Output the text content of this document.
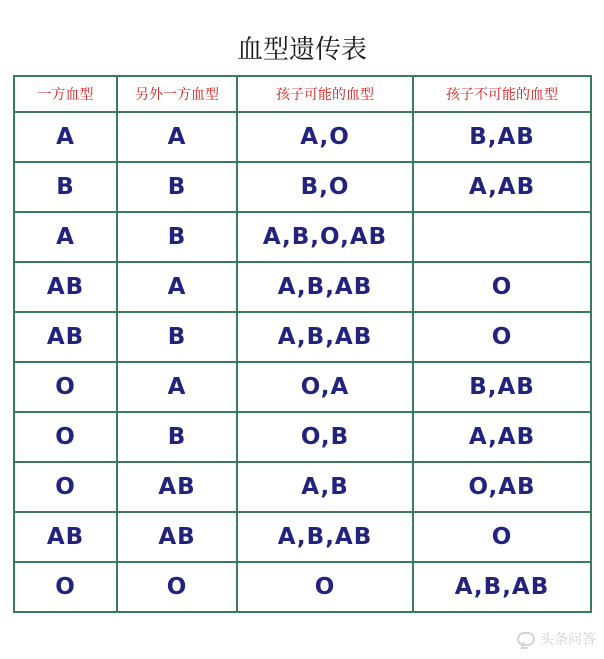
血型遗传表
一方血型	另外一方血型	孩子可能的血型	孩子不可能的血型
A	A	A,O	B,AB
B	B	B,O	A,AB
A	B	A,B,O,AB	
AB	A	A,B,AB	O
AB	B	A,B,AB	O
O	A	O,A	B,AB
O	B	O,B	A,AB
O	AB	A,B	O,AB
AB	AB	A,B,AB	O
O	O	O	A,B,AB
头条问答
